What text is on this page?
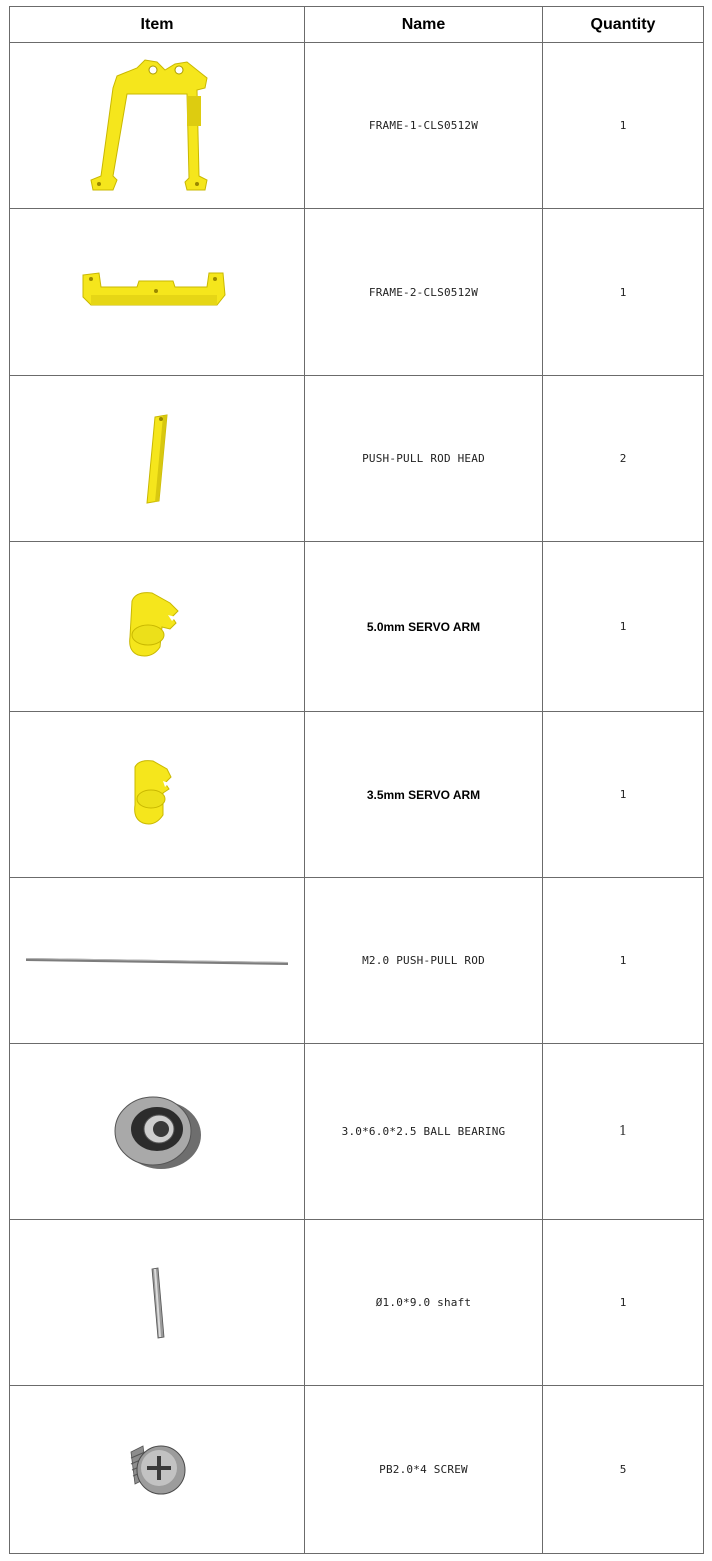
Item	Name	Quantity

	FRAME-1-CLS0512W	1

	FRAME-2-CLS0512W	1

	PUSH-PULL ROD HEAD	2

	5.0mm SERVO ARM	1

	3.5mm SERVO ARM	1

	M2.0 PUSH-PULL ROD	1

	3.0*6.0*2.5 BALL BEARING	1

	Ø1.0*9.0 shaft	1

	PB2.0*4 SCREW	5
